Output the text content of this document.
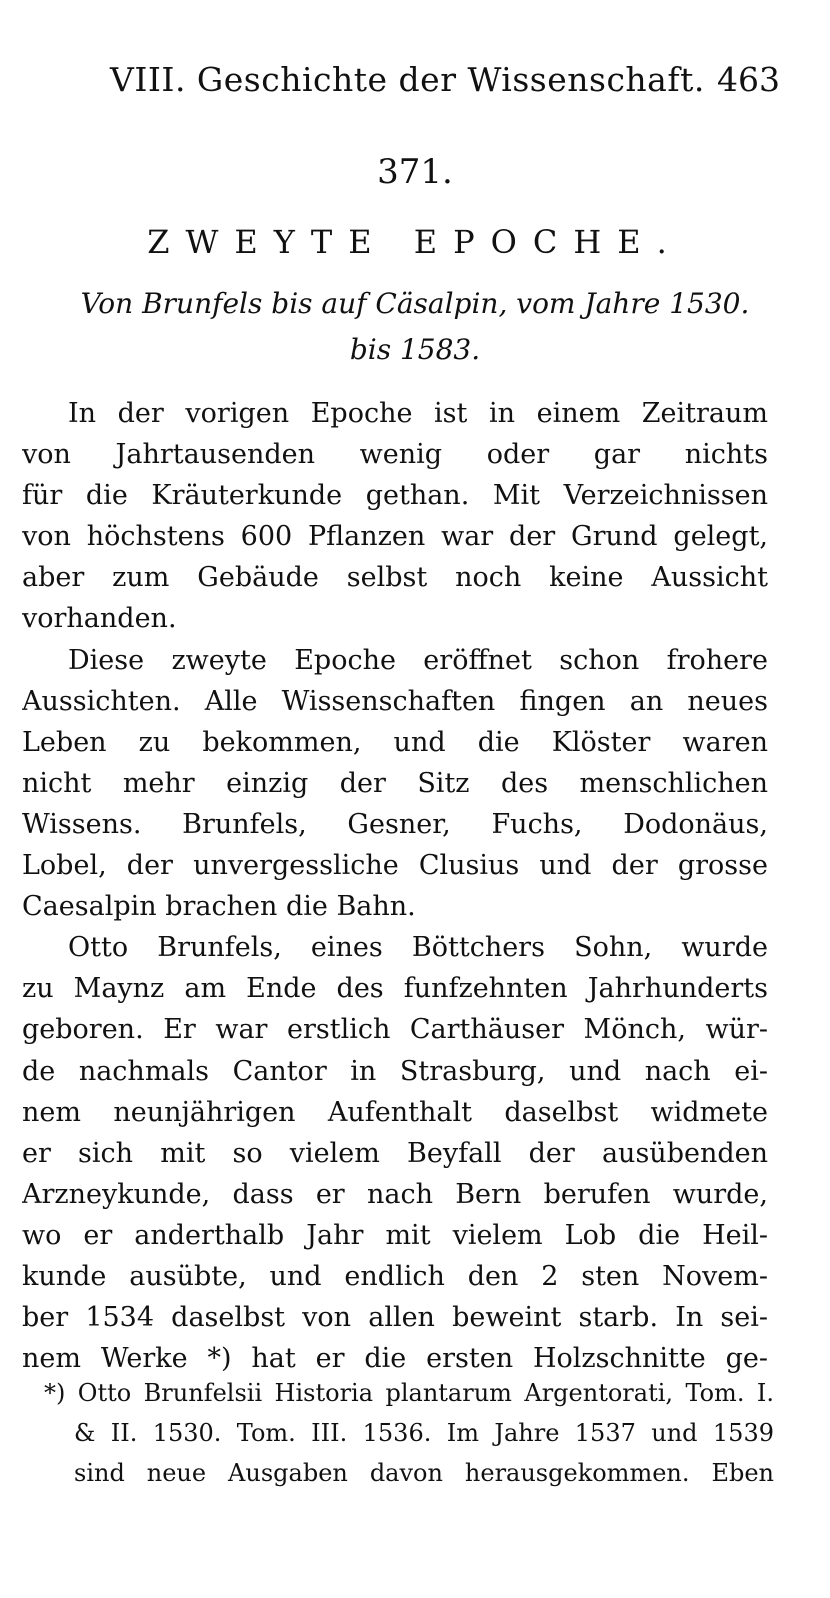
VIII. Geschichte der Wissenschaft. 463
371.
ZWEYTE EPOCHE.
Von Brunfels bis auf Cäsalpin, vom Jahre 1530.
bis 1583.
In der vorigen Epoche ist in einem Zeitraum
von Jahrtausenden wenig oder gar nichts
für die Kräuterkunde gethan. Mit Verzeichnissen
von höchstens 600 Pflanzen war der Grund gelegt,
aber zum Gebäude selbst noch keine Aussicht
vorhanden.
Diese zweyte Epoche eröffnet schon frohere
Aussichten. Alle Wissenschaften fingen an neues
Leben zu bekommen, und die Klöster waren
nicht mehr einzig der Sitz des menschlichen
Wissens. Brunfels, Gesner, Fuchs, Dodonäus,
Lobel, der unvergessliche Clusius und der grosse
Caesalpin brachen die Bahn.
Otto Brunfels, eines Böttchers Sohn, wurde
zu Maynz am Ende des funfzehnten Jahrhunderts
geboren. Er war erstlich Carthäuser Mönch, wür-
de nachmals Cantor in Strasburg, und nach ei-
nem neunjährigen Aufenthalt daselbst widmete
er sich mit so vielem Beyfall der ausübenden
Arzneykunde, dass er nach Bern berufen wurde,
wo er anderthalb Jahr mit vielem Lob die Heil-
kunde ausübte, und endlich den 2 sten Novem-
ber 1534 daselbst von allen beweint starb. In sei-
nem Werke *) hat er die ersten Holzschnitte ge-
*) Otto Brunfelsii Historia plantarum Argentorati, Tom. I.
& II. 1530. Tom. III. 1536. Im Jahre 1537 und 1539
sind neue Ausgaben davon herausgekommen. Eben
